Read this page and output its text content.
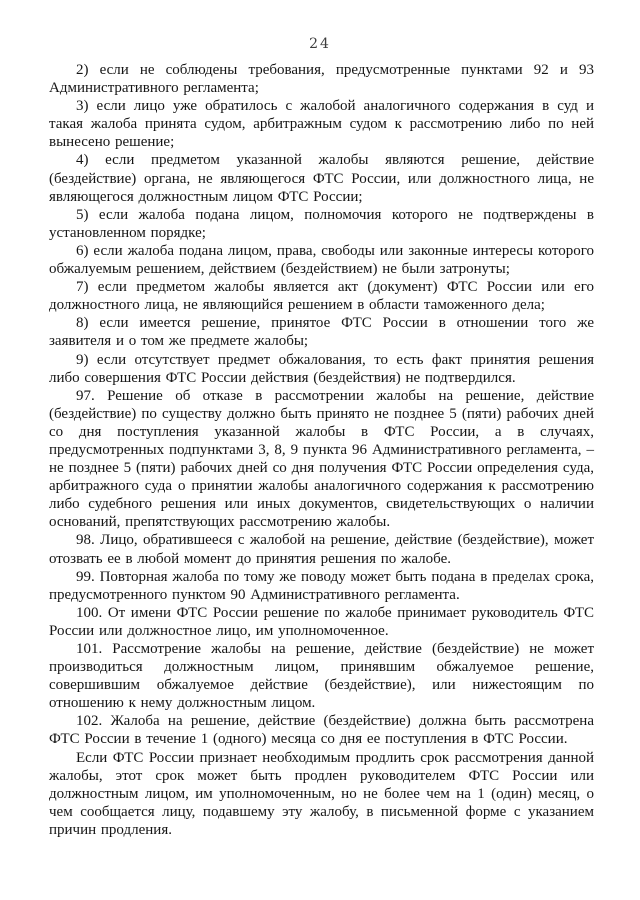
24

2) если не соблюдены требования, предусмотренные пунктами 92 и 93 Административного регламента;

3) если лицо уже обратилось с жалобой аналогичного содержания в суд и такая жалоба принята судом, арбитражным судом к рассмотрению либо по ней вынесено решение;

4) если предметом указанной жалобы являются решение, действие (бездействие) органа, не являющегося ФТС России, или должностного лица, не являющегося должностным лицом ФТС России;

5) если жалоба подана лицом, полномочия которого не подтверждены в установленном порядке;

6) если жалоба подана лицом, права, свободы или законные интересы которого обжалуемым решением, действием (бездействием) не были затронуты;

7) если предметом жалобы является акт (документ) ФТС России или его должностного лица, не являющийся решением в области таможенного дела;

8) если имеется решение, принятое ФТС России в отношении того же заявителя и о том же предмете жалобы;

9) если отсутствует предмет обжалования, то есть факт принятия решения либо совершения ФТС России действия (бездействия) не подтвердился.

97. Решение об отказе в рассмотрении жалобы на решение, действие (бездействие) по существу должно быть принято не позднее 5 (пяти) рабочих дней со дня поступления указанной жалобы в ФТС России, а в случаях, предусмотренных подпунктами 3, 8, 9 пункта 96 Административного регламента, – не позднее 5 (пяти) рабочих дней со дня получения ФТС России определения суда, арбитражного суда о принятии жалобы аналогичного содержания к рассмотрению либо судебного решения или иных документов, свидетельствующих о наличии оснований, препятствующих рассмотрению жалобы.

98. Лицо, обратившееся с жалобой на решение, действие (бездействие), может отозвать ее в любой момент до принятия решения по жалобе.

99. Повторная жалоба по тому же поводу может быть подана в пределах срока, предусмотренного пунктом 90 Административного регламента.

100. От имени ФТС России решение по жалобе принимает руководитель ФТС России или должностное лицо, им уполномоченное.

101. Рассмотрение жалобы на решение, действие (бездействие) не может производиться должностным лицом, принявшим обжалуемое решение, совершившим обжалуемое действие (бездействие), или нижестоящим по отношению к нему должностным лицом.

102. Жалоба на решение, действие (бездействие) должна быть рассмотрена ФТС России в течение 1 (одного) месяца со дня ее поступления в ФТС России.

Если ФТС России признает необходимым продлить срок рассмотрения данной жалобы, этот срок может быть продлен руководителем ФТС России или должностным лицом, им уполномоченным, но не более чем на 1 (один) месяц, о чем сообщается лицу, подавшему эту жалобу, в письменной форме с указанием причин продления.
